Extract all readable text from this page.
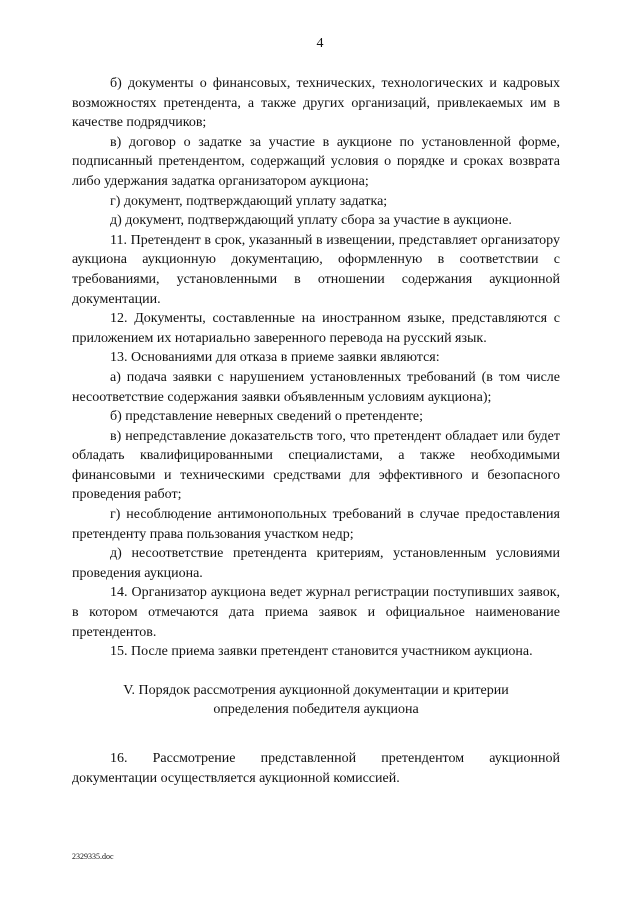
4

б) документы о финансовых, технических, технологических и кадровых возможностях претендента, а также других организаций, привлекаемых им в качестве подрядчиков;

в) договор о задатке за участие в аукционе по установленной форме, подписанный претендентом, содержащий условия о порядке и сроках возврата либо удержания задатка организатором аукциона;

г) документ, подтверждающий уплату задатка;

д) документ, подтверждающий уплату сбора за участие в аукционе.

11. Претендент в срок, указанный в извещении, представляет организатору аукциона аукционную документацию, оформленную в соответствии с требованиями, установленными в отношении содержания аукционной документации.

12. Документы, составленные на иностранном языке, представляются с приложением их нотариально заверенного перевода на русский язык.

13. Основаниями для отказа в приеме заявки являются:

а) подача заявки с нарушением установленных требований (в том числе несоответствие содержания заявки объявленным условиям аукциона);

б) представление неверных сведений о претенденте;

в) непредставление доказательств того, что претендент обладает или будет обладать квалифицированными специалистами, а также необходимыми финансовыми и техническими средствами для эффективного и безопасного проведения работ;

г) несоблюдение антимонопольных требований в случае предоставления претенденту права пользования участком недр;

д) несоответствие претендента критериям, установленным условиями проведения аукциона.

14. Организатор аукциона ведет журнал регистрации поступивших заявок, в котором отмечаются дата приема заявок и официальное наименование претендентов.

15. После приема заявки претендент становится участником аукциона.

V. Порядок рассмотрения аукционной документации и критерии
определения победителя аукциона

16. Рассмотрение представленной претендентом аукционной документации осуществляется аукционной комиссией.

2329335.doc
